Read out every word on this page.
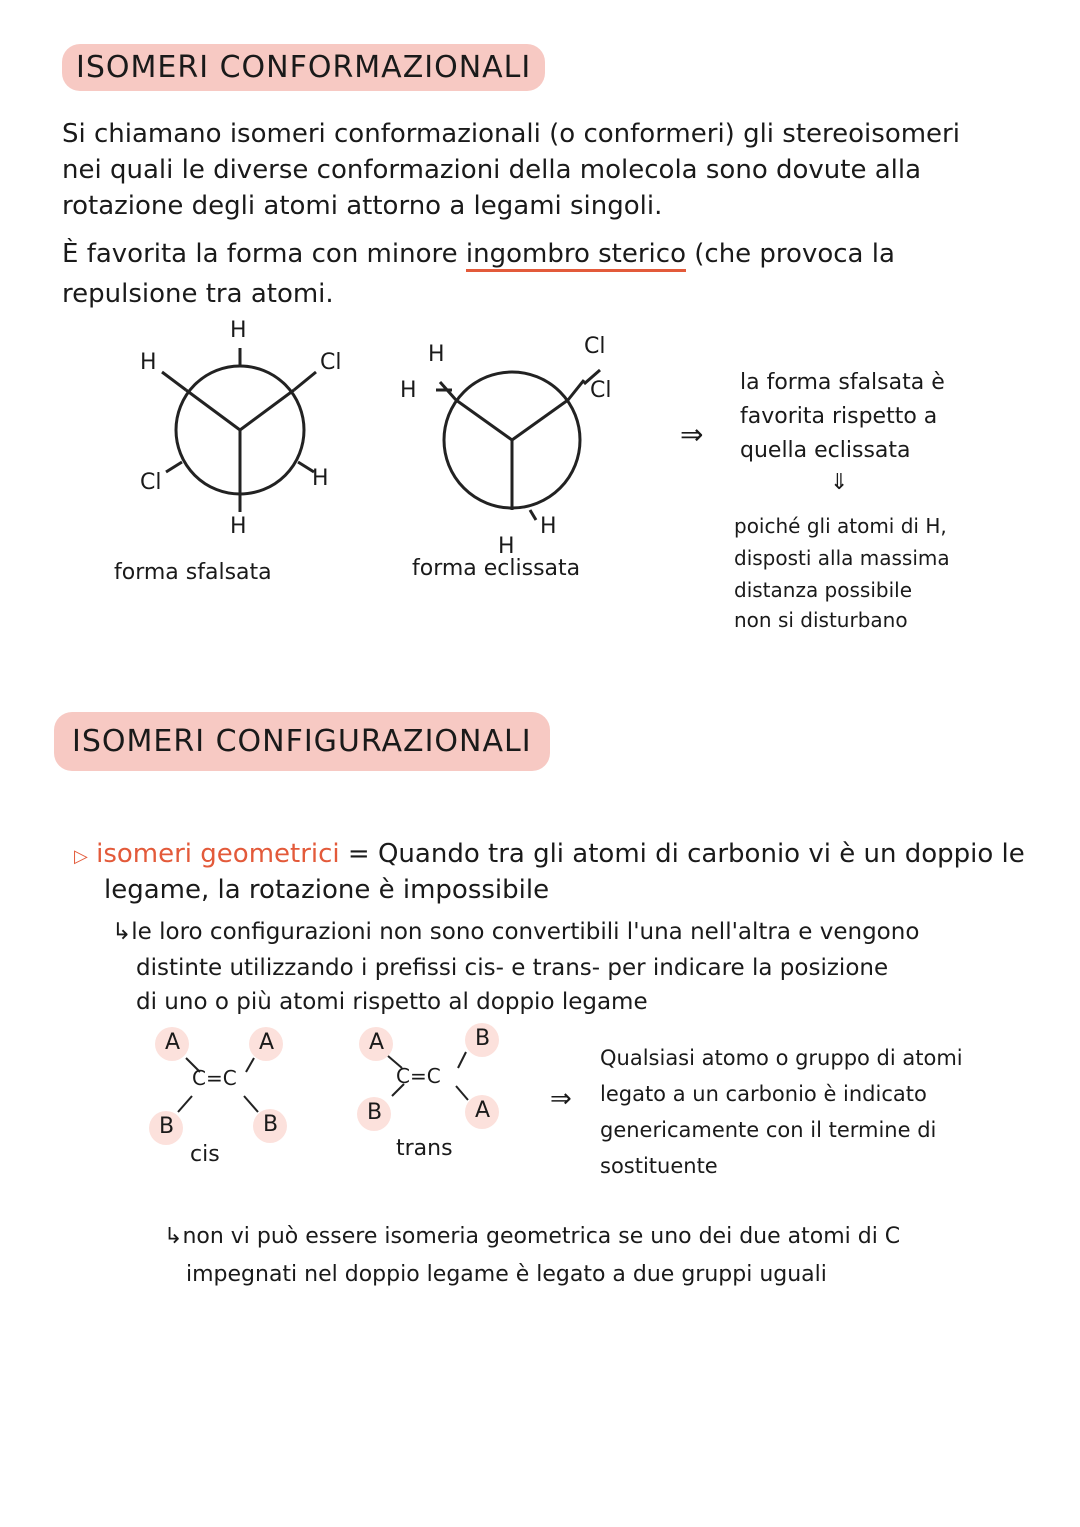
ISOMERI CONFORMAZIONALI
Si chiamano isomeri conformazionali (o conformeri) gli stereoisomeri
nei quali le diverse conformazioni della molecola sono dovute alla
rotazione degli atomi attorno a legami singoli.
È favorita la forma con minore ingombro sterico (che provoca la
repulsione tra atomi.
H
H	Cl
Cl	H
H
forma sfalsata
H
H
Cl
Cl
H
H
forma eclissata
⇒
la forma sfalsata è
favorita rispetto a
quella eclissata
⇓
poiché gli atomi di H,
disposti alla massima
distanza possibile
non si disturbano
ISOMERI CONFIGURAZIONALI
▷ isomeri geometrici = Quando tra gli atomi di carbonio vi è un doppio le
legame, la rotazione è impossibile
↳le loro configurazioni non sono convertibili l'una nell'altra e vengono
distinte utilizzando i prefissi cis- e trans- per indicare la posizione
di uno o più atomi rispetto al doppio legame
A	A
C=C
B	B
cis
A	B
C=C
B	A
trans
⇒
Qualsiasi atomo o gruppo di atomi
legato a un carbonio è indicato
genericamente con il termine di
sostituente
↳non vi può essere isomeria geometrica se uno dei due atomi di C
impegnati nel doppio legame è legato a due gruppi uguali
